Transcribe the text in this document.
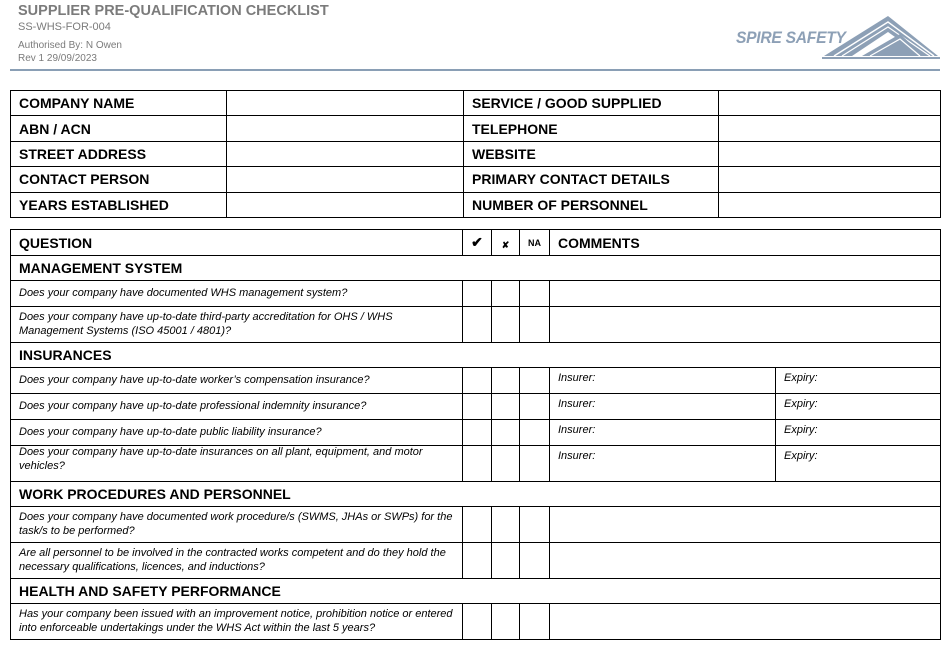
SUPPLIER PRE-QUALIFICATION CHECKLIST
SS-WHS-FOR-004
Authorised By: N Owen
Rev 1 29/09/2023
SPIRE SAFETY
COMPANY NAME		SERVICE / GOOD SUPPLIED	
ABN / ACN		TELEPHONE	
STREET ADDRESS		WEBSITE	
CONTACT PERSON		PRIMARY CONTACT DETAILS	
YEARS ESTABLISHED		NUMBER OF PERSONNEL	
QUESTION	✔	✘	NA	COMMENTS	
MANAGEMENT SYSTEM					
Does your company have documented WHS management system?					
Does your company have up-to-date third-party accreditation for OHS / WHS Management Systems (ISO 45001 / 4801)?					
INSURANCES					
Does your company have up-to-date worker’s compensation insurance?				Insurer:	Expiry:
Does your company have up-to-date professional indemnity insurance?				Insurer:	Expiry:
Does your company have up-to-date public liability insurance?				Insurer:	Expiry:
Does your company have up-to-date insurances on all plant, equipment, and motor vehicles?				Insurer:	Expiry:
WORK PROCEDURES AND PERSONNEL					
Does your company have documented work procedure/s (SWMS, JHAs or SWPs) for the task/s to be performed?					
Are all personnel to be involved in the contracted works competent and do they hold the necessary qualifications, licences, and inductions?					
HEALTH AND SAFETY PERFORMANCE					
Has your company been issued with an improvement notice, prohibition notice or entered into enforceable undertakings under the WHS Act within the last 5 years?					
